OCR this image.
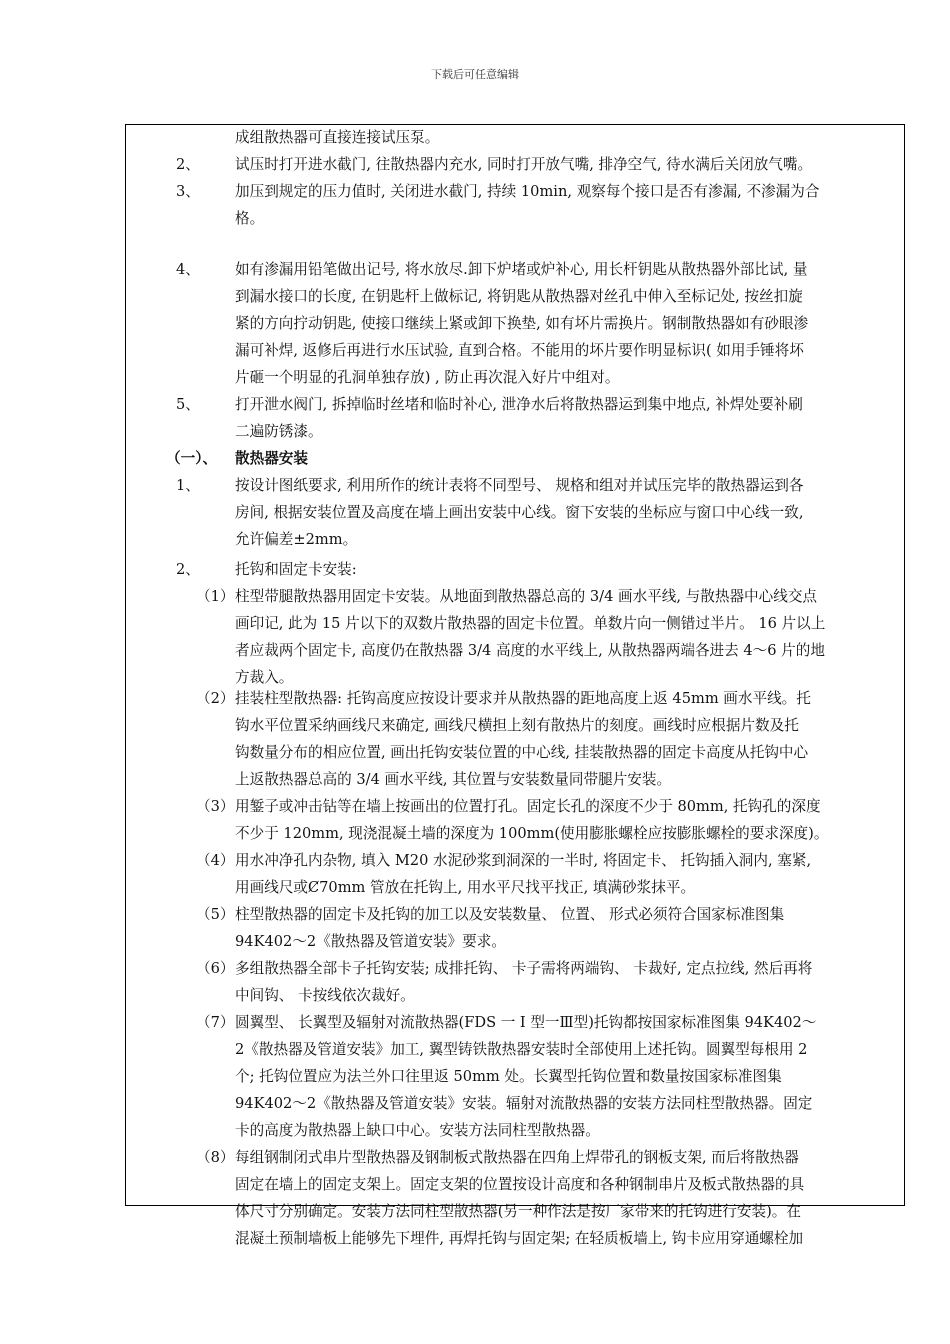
下载后可任意编辑
成组散热器可直接连接试压泵。
2、 试压时打开进水截门, 往散热器内充水, 同时打开放气嘴, 排净空气, 待水满后关闭放气嘴。
3、 加压到规定的压力值时, 关闭进水截门, 持续 10min, 观察每个接口是否有渗漏, 不渗漏为合
格。
4、 如有渗漏用铅笔做出记号, 将水放尽.卸下炉堵或炉补心, 用长杆钥匙从散热器外部比试, 量
到漏水接口的长度, 在钥匙杆上做标记, 将钥匙从散热器对丝孔中伸入至标记处, 按丝扣旋
紧的方向拧动钥匙, 使接口继续上紧或卸下换垫, 如有坏片需换片。钢制散热器如有砂眼渗
漏可补焊, 返修后再进行水压试验, 直到合格。不能用的坏片要作明显标识( 如用手锤将坏
片砸一个明显的孔洞单独存放) , 防止再次混入好片中组对。
5、 打开泄水阀门, 拆掉临时丝堵和临时补心, 泄净水后将散热器运到集中地点, 补焊处要补刷
二遍防锈漆。
（一）、 散热器安装
1、 按设计图纸要求, 利用所作的统计表将不同型号、 规格和组对并试压完毕的散热器运到各
房间, 根据安装位置及高度在墙上画出安装中心线。窗下安装的坐标应与窗口中心线一致,
允许偏差±2mm。
2、 托钩和固定卡安装:
（1） 柱型带腿散热器用固定卡安装。从地面到散热器总高的 3/4 画水平线, 与散热器中心线交点
画印记, 此为 15 片以下的双数片散热器的固定卡位置。单数片向一侧错过半片。 16 片以上
者应裁两个固定卡, 高度仍在散热器 3/4 高度的水平线上, 从散热器两端各进去 4～6 片的地
方裁入。
（2） 挂装柱型散热器: 托钩高度应按设计要求并从散热器的距地高度上返 45mm 画水平线。托
钩水平位置采纳画线尺来确定, 画线尺横担上刻有散热片的刻度。画线时应根据片数及托
钩数量分布的相应位置, 画出托钩安装位置的中心线, 挂装散热器的固定卡高度从托钩中心
上返散热器总高的 3/4 画水平线, 其位置与安装数量同带腿片安装。
（3） 用錾子或冲击钻等在墙上按画出的位置打孔。固定长孔的深度不少于 80mm, 托钩孔的深度
不少于 120mm, 现浇混凝土墙的深度为 100mm(使用膨胀螺栓应按膨胀螺栓的要求深度)。
（4） 用水冲净孔内杂物, 填入 M20 水泥砂浆到洞深的一半时, 将固定卡、 托钩插入洞内, 塞紧,
用画线尺或Ȼ70mm 管放在托钩上, 用水平尺找平找正, 填满砂浆抹平。
（5） 柱型散热器的固定卡及托钩的加工以及安装数量、 位置、 形式必须符合国家标准图集
94K402～2《散热器及管道安装》要求。
（6） 多组散热器全部卡子托钩安装; 成排托钩、 卡子需将两端钩、 卡裁好, 定点拉线, 然后再将
中间钩、 卡按线依次裁好。
（7） 圆翼型、 长翼型及辐射对流散热器(FDS 一 I 型一Ⅲ型)托钩都按国家标准图集 94K402～
2《散热器及管道安装》加工, 翼型铸铁散热器安装时全部使用上述托钩。圆翼型每根用 2
个; 托钩位置应为法兰外口往里返 50mm 处。长翼型托钩位置和数量按国家标准图集
94K402～2《散热器及管道安装》安装。辐射对流散热器的安装方法同柱型散热器。固定
卡的高度为散热器上缺口中心。安装方法同柱型散热器。
（8） 每组钢制闭式串片型散热器及钢制板式散热器在四角上焊带孔的钢板支架, 而后将散热器
固定在墙上的固定支架上。固定支架的位置按设计高度和各种钢制串片及板式散热器的具
体尺寸分别确定。安装方法同柱型散热器(另一种作法是按厂家带来的托钩进行安装)。在
混凝土预制墙板上能够先下埋件, 再焊托钩与固定架; 在轻质板墙上, 钩卡应用穿通螺栓加
